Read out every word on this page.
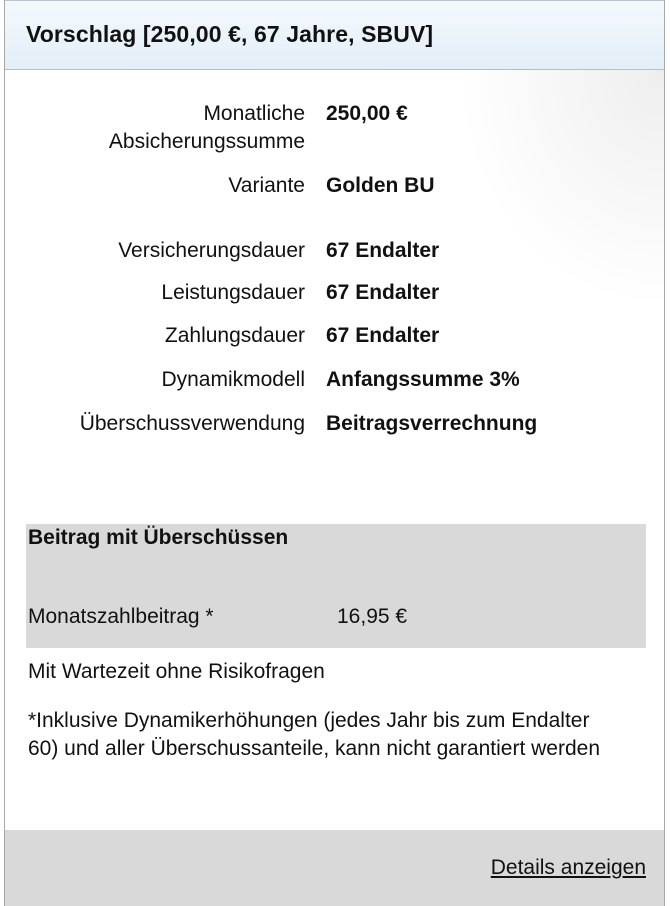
Vorschlag [250,00 €, 67 Jahre, SBUV]
Monatliche Absicherungssumme
250,00 €
Variante Golden BU
Versicherungsdauer 67 Endalter
Leistungsdauer 67 Endalter
Zahlungsdauer 67 Endalter
Dynamikmodell Anfangssumme 3%
Überschussverwendung Beitragsverrechnung
Beitrag mit Überschüssen
Monatszahlbeitrag *	16,95 €
Mit Wartezeit ohne Risikofragen
*Inklusive Dynamikerhöhungen (jedes Jahr bis zum Endalter 60) und aller Überschussanteile, kann nicht garantiert werden
Details anzeigen
